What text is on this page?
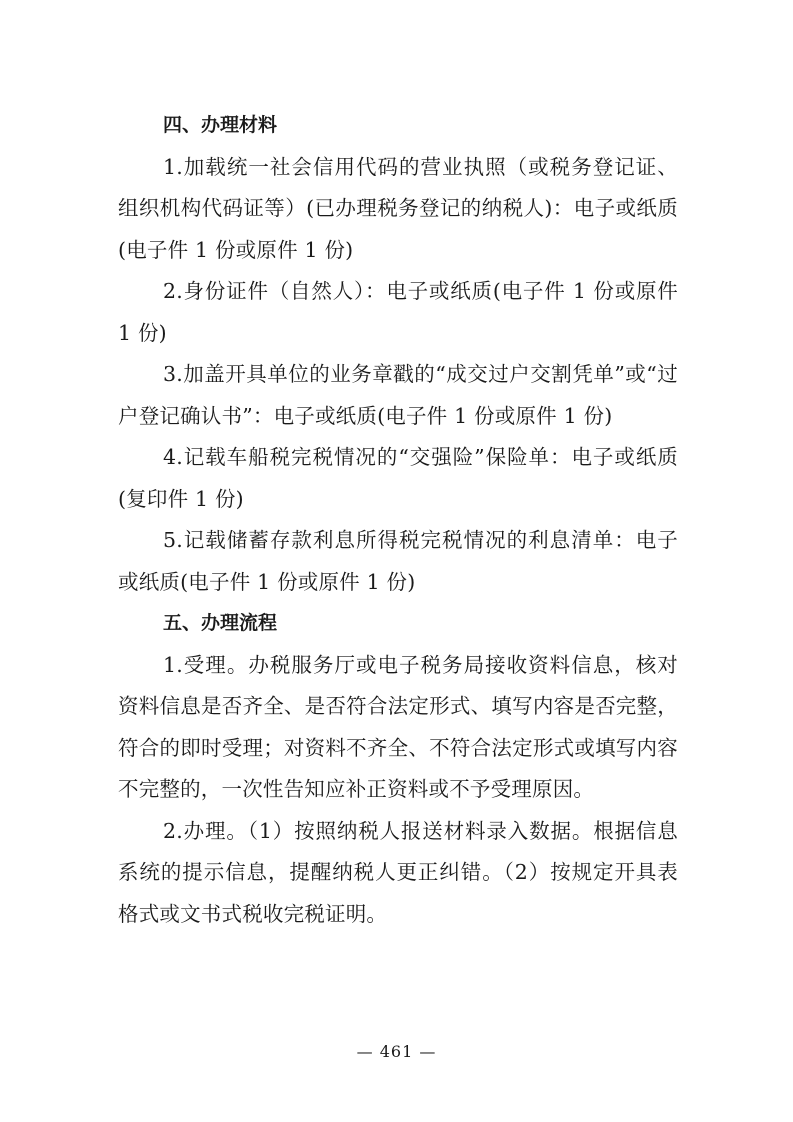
四、办理材料

1.加载统一社会信用代码的营业执照（或税务登记证、组织机构代码证等）(已办理税务登记的纳税人)：电子或纸质(电子件 1 份或原件 1 份)

2.身份证件（自然人）：电子或纸质(电子件 1 份或原件 1 份)

3.加盖开具单位的业务章戳的“成交过户交割凭单”或“过户登记确认书”：电子或纸质(电子件 1 份或原件 1 份)

4.记载车船税完税情况的“交强险”保险单：电子或纸质(复印件 1 份)

5.记载储蓄存款利息所得税完税情况的利息清单：电子或纸质(电子件 1 份或原件 1 份)

五、办理流程

1.受理。办税服务厅或电子税务局接收资料信息，核对资料信息是否齐全、是否符合法定形式、填写内容是否完整，符合的即时受理；对资料不齐全、不符合法定形式或填写内容不完整的，一次性告知应补正资料或不予受理原因。

2.办理。（1）按照纳税人报送材料录入数据。根据信息系统的提示信息，提醒纳税人更正纠错。（2）按规定开具表格式或文书式税收完税证明。

— 461 —
